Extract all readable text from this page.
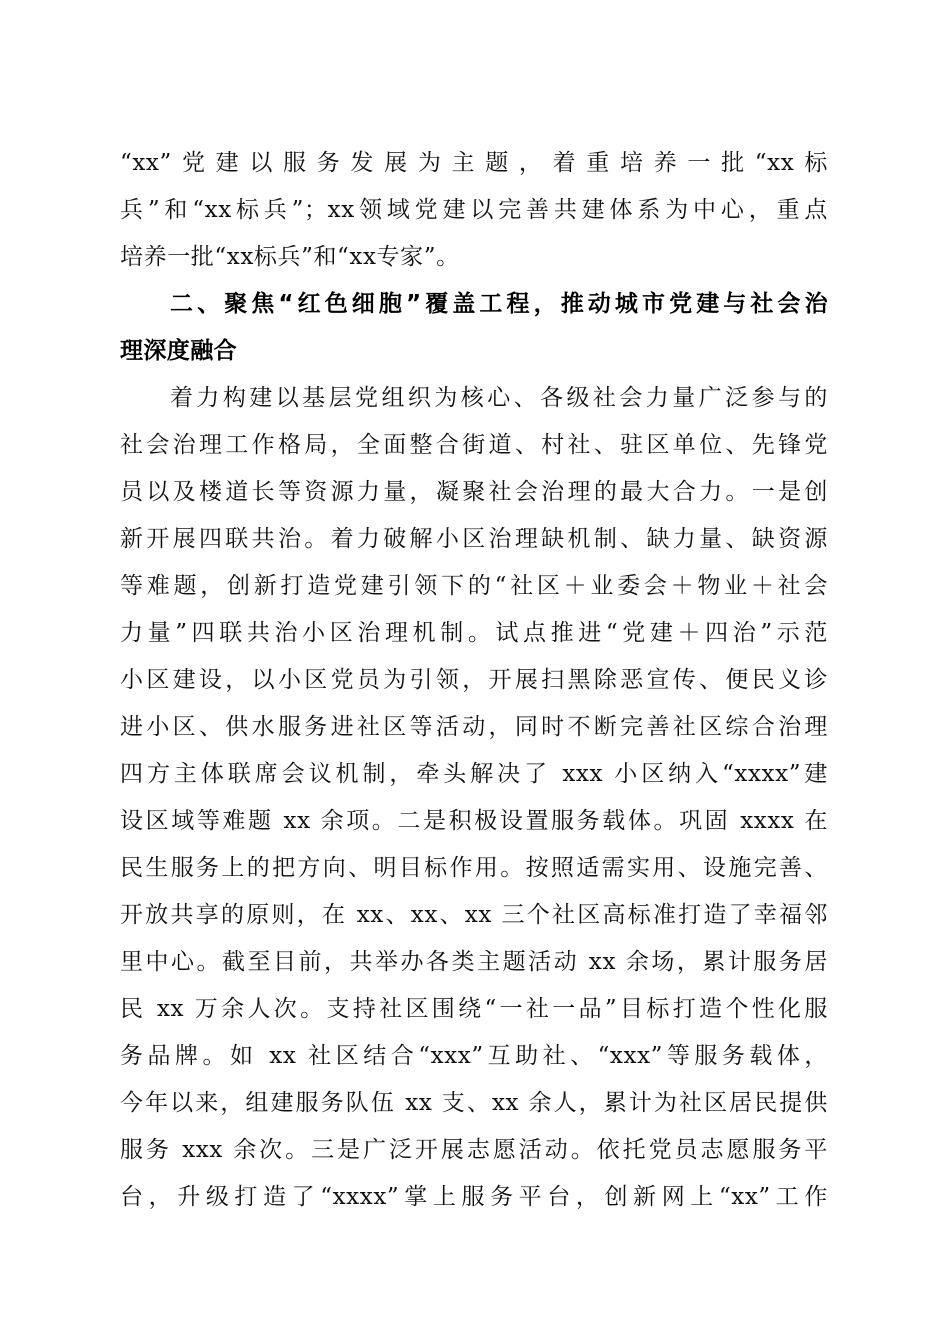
“xx”党建以服务发展为主题，着重培养一批“xx标
兵”和“xx标兵”；xx领域党建以完善共建体系为中心，重点
培养一批“xx标兵”和“xx专家”。
二、聚焦“红色细胞”覆盖工程，推动城市党建与社会治
理深度融合
着力构建以基层党组织为核心、各级社会力量广泛参与的
社会治理工作格局，全面整合街道、村社、驻区单位、先锋党
员以及楼道长等资源力量，凝聚社会治理的最大合力。一是创
新开展四联共治。着力破解小区治理缺机制、缺力量、缺资源
等难题，创新打造党建引领下的“社区＋业委会＋物业＋社会
力量”四联共治小区治理机制。试点推进“党建＋四治”示范
小区建设，以小区党员为引领，开展扫黑除恶宣传、便民义诊
进小区、供水服务进社区等活动，同时不断完善社区综合治理
四方主体联席会议机制，牵头解决了 xxx 小区纳入“xxxx”建
设区域等难题 xx 余项。二是积极设置服务载体。巩固 xxxx 在
民生服务上的把方向、明目标作用。按照适需实用、设施完善、
开放共享的原则，在 xx、xx、xx 三个社区高标准打造了幸福邻
里中心。截至目前，共举办各类主题活动 xx 余场，累计服务居
民 xx 万余人次。支持社区围绕“一社一品”目标打造个性化服
务品牌。如 xx 社区结合“xxx”互助社、“xxx”等服务载体，
今年以来，组建服务队伍 xx 支、xx 余人，累计为社区居民提供
服务 xxx 余次。三是广泛开展志愿活动。依托党员志愿服务平
台，升级打造了“xxxx”掌上服务平台，创新网上“xx”工作
